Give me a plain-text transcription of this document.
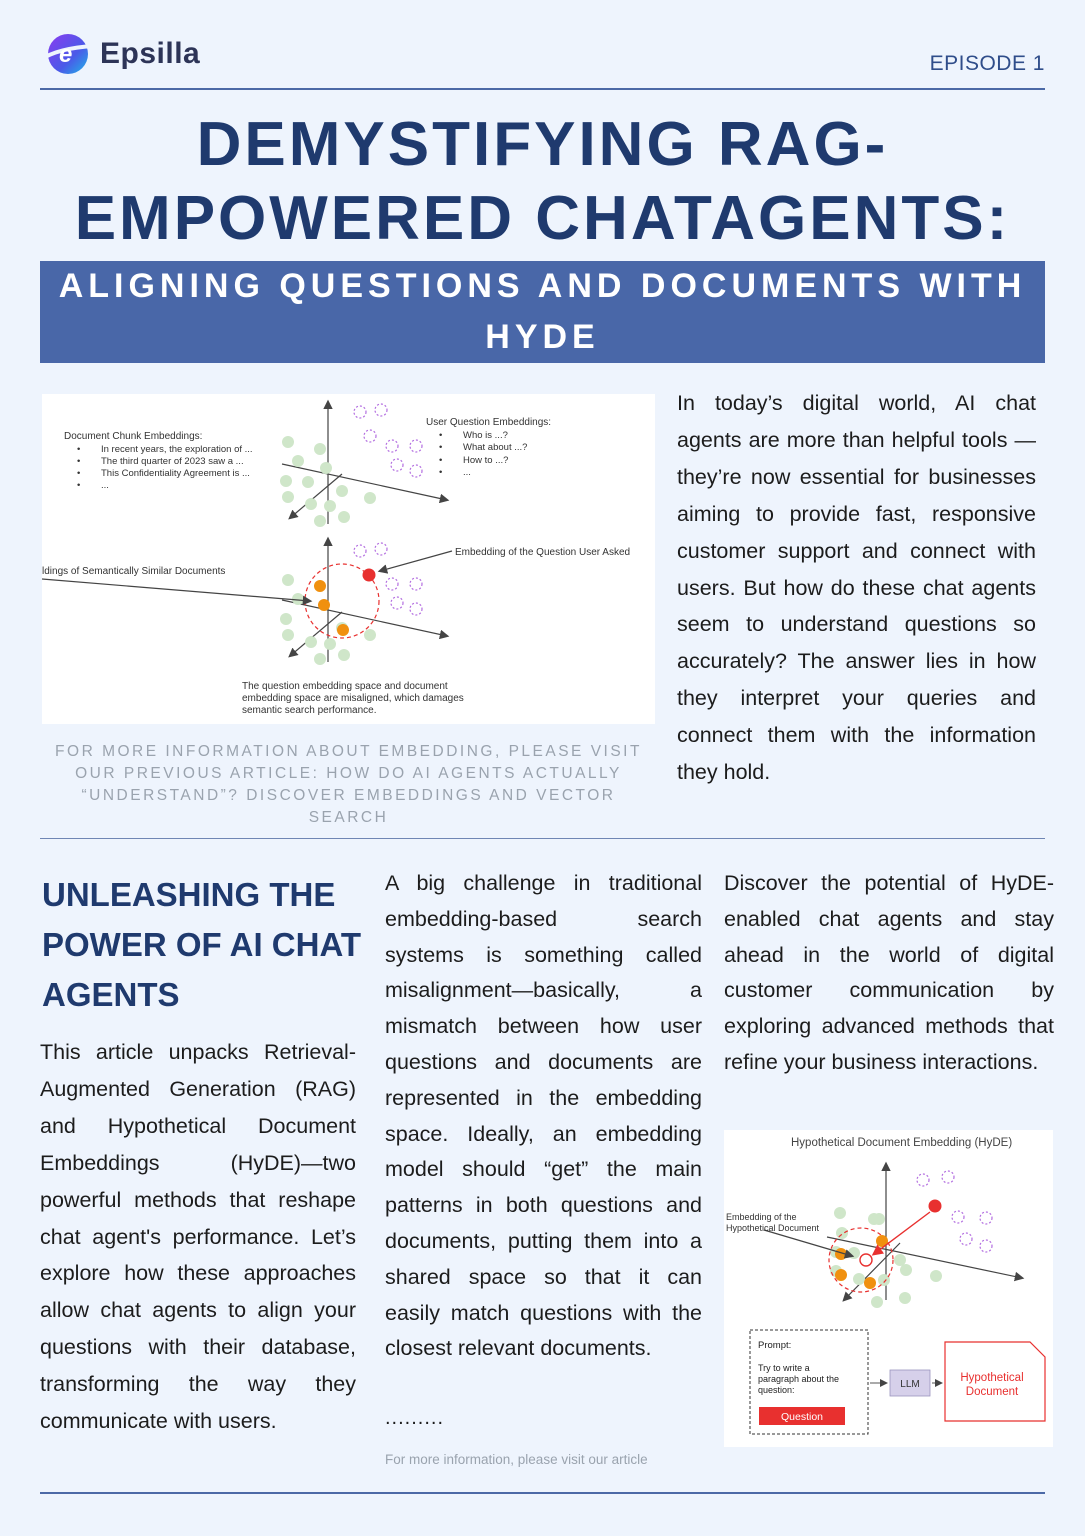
e Epsilla	EPISODE 1
DEMYSTIFYING RAG-EMPOWERED CHATAGENTS:
ALIGNING QUESTIONS AND DOCUMENTS WITH HYDE
Document Chunk Embeddings:
• In recent years, the exploration of ...
• The third quarter of 2023 saw a ...
• This Confidentiality Agreement is ...
• ...
User Question Embeddings:
• Who is ...?
• What about ...?
• How to ...?
• ...
Embedding of the Question User Asked
ldings of Semantically Similar Documents
The question embedding space and document
embedding space are misaligned, which damages
semantic search performance.
FOR MORE INFORMATION ABOUT EMBEDDING, PLEASE VISIT OUR PREVIOUS ARTICLE: HOW DO AI AGENTS ACTUALLY “UNDERSTAND”? DISCOVER EMBEDDINGS AND VECTOR SEARCH
In today’s digital world, AI chat agents are more than helpful tools —they’re now essential for businesses aiming to provide fast, responsive customer support and connect with users. But how do these chat agents seem to understand questions so accurately? The answer lies in how they interpret your queries and connect them with the information they hold.
UNLEASHING THE POWER OF AI CHAT AGENTS
This article unpacks Retrieval-Augmented Generation (RAG) and Hypothetical Document Embeddings (HyDE)—two powerful methods that reshape chat agent's performance. Let’s explore how these approaches allow chat agents to align your questions with their database, transforming the way they communicate with users.
A big challenge in traditional embedding-based search systems is something called misalignment—basically, a mismatch between how user questions and documents are represented in the embedding space. Ideally, an embedding model should “get” the main patterns in both questions and documents, putting them into a shared space so that it can easily match questions with the closest relevant documents.
.........
For more information, please visit our article
Discover the potential of HyDE-enabled chat agents and stay ahead in the world of digital customer communication by exploring advanced methods that refine your business interactions.
Hypothetical Document Embedding (HyDE)
Embedding of the
Hypothetical Document
Prompt:
Try to write a
paragraph about the
question:
Question
LLM
Hypothetical
Document
